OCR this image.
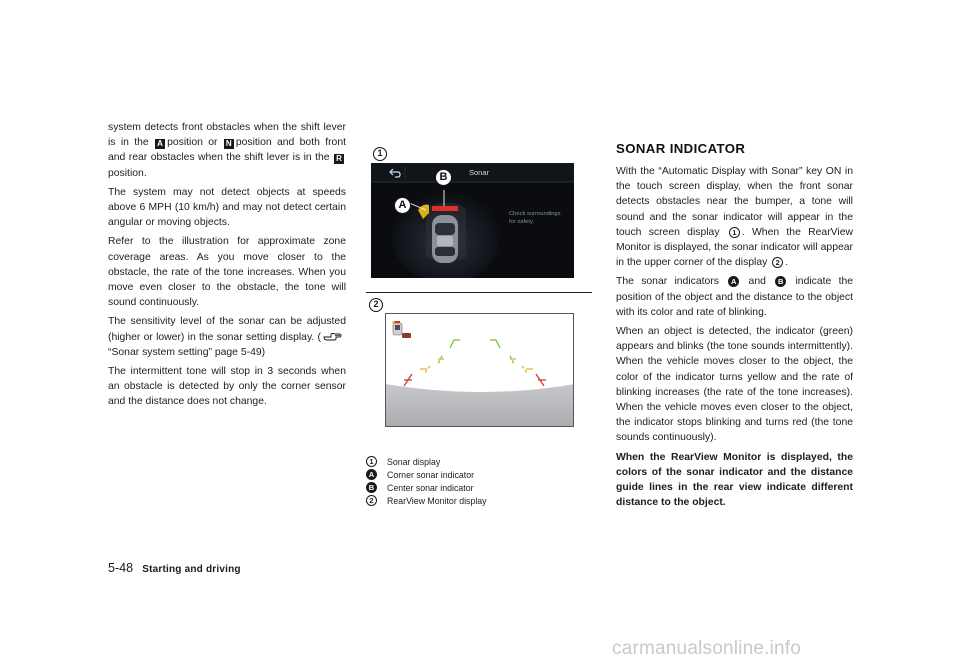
system detects front obstacles when the shift lever is in the A position or N position and both front and rear obstacles when the shift lever is in the Rposition.

The system may not detect objects at speeds above 6 MPH (10 km/h) and may not detect certain angular or moving objects.

Refer to the illustration for approximate zone coverage areas. As you move closer to the obstacle, the rate of the tone increases. When you move even closer to the obstacle, the tone will sound continuously.

The sensitivity level of the sonar can be adjusted (higher or lower) in the sonar setting display. (“Sonar system setting” page 5-49)

The intermittent tone will stop in 3 seconds when an obstacle is detected by only the corner sensor and the distance does not change.

1
Sonar
Check surroundings
for safety.
A
B
2
1	Sonar display
A	Corner sonar indicator
B	Center sonar indicator
2	RearView Monitor display
SONAR INDICATOR

With the “Automatic Display with Sonar” key ON in the touch screen display, when the front sonar detects obstacles near the bumper, a tone will sound and the sonar indicator will appear in the touch screen display 1 . When the RearView Monitor is displayed, the sonar indicator will appear in the upper corner of the display 2 .

The sonar indicators A and B indicate the position of the object and the distance to the object with its color and rate of blinking.

When an object is detected, the indicator (green) appears and blinks (the tone sounds intermittently). When the vehicle moves closer to the object, the color of the indicator turns yellow and the rate of blinking increases (the rate of the tone increases). When the vehicle moves even closer to the object, the indicator stops blinking and turns red (the tone sounds continuously).

When the RearView Monitor is displayed, the colors of the sonar indicator and the distance guide lines in the rear view indicate different distance to the object.

5-48 Starting and driving
carmanualsonline.info
